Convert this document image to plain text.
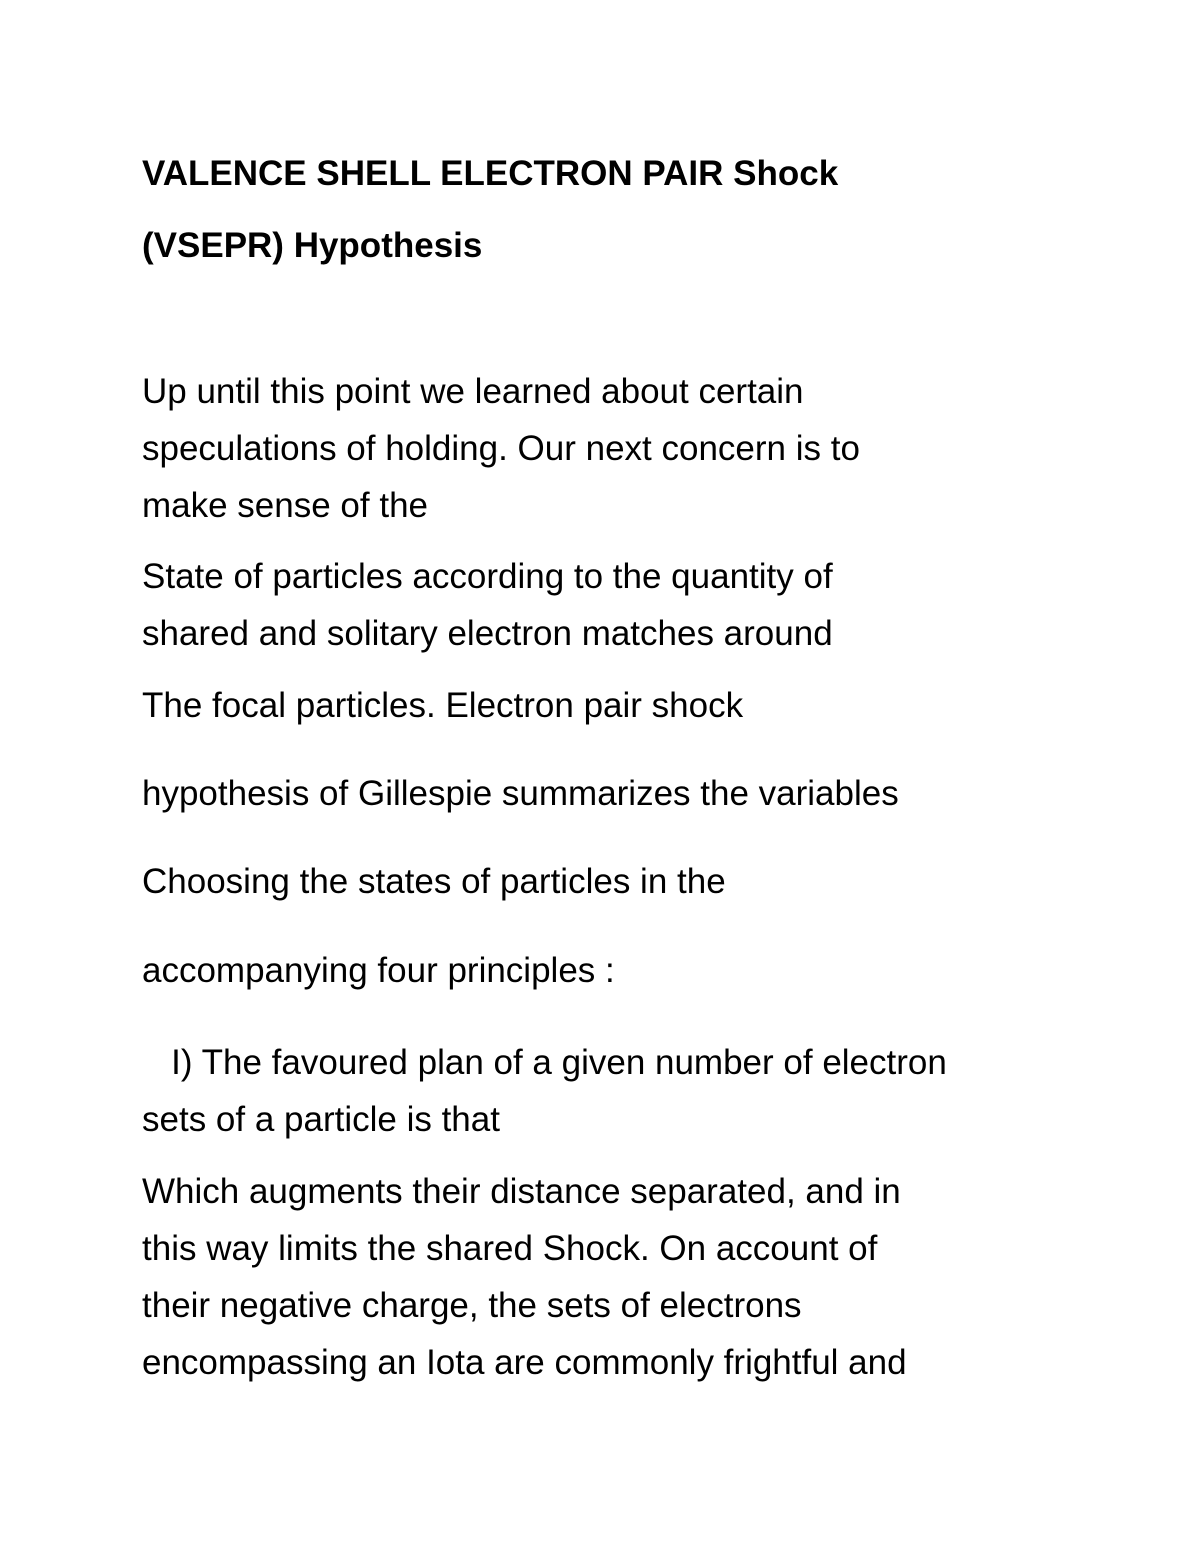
VALENCE SHELL ELECTRON PAIR Shock

(VSEPR) Hypothesis

Up until this point we learned about certain

speculations of holding. Our next concern is to

make sense of the

State of particles according to the quantity of

shared and solitary electron matches around

The focal particles. Electron pair shock

hypothesis of Gillespie summarizes the variables

Choosing the states of particles in the

accompanying four principles :

I) The favoured plan of a given number of electron

sets of a particle is that

Which augments their distance separated, and in

this way limits the shared Shock. On account of

their negative charge, the sets of electrons

encompassing an Iota are commonly frightful and
